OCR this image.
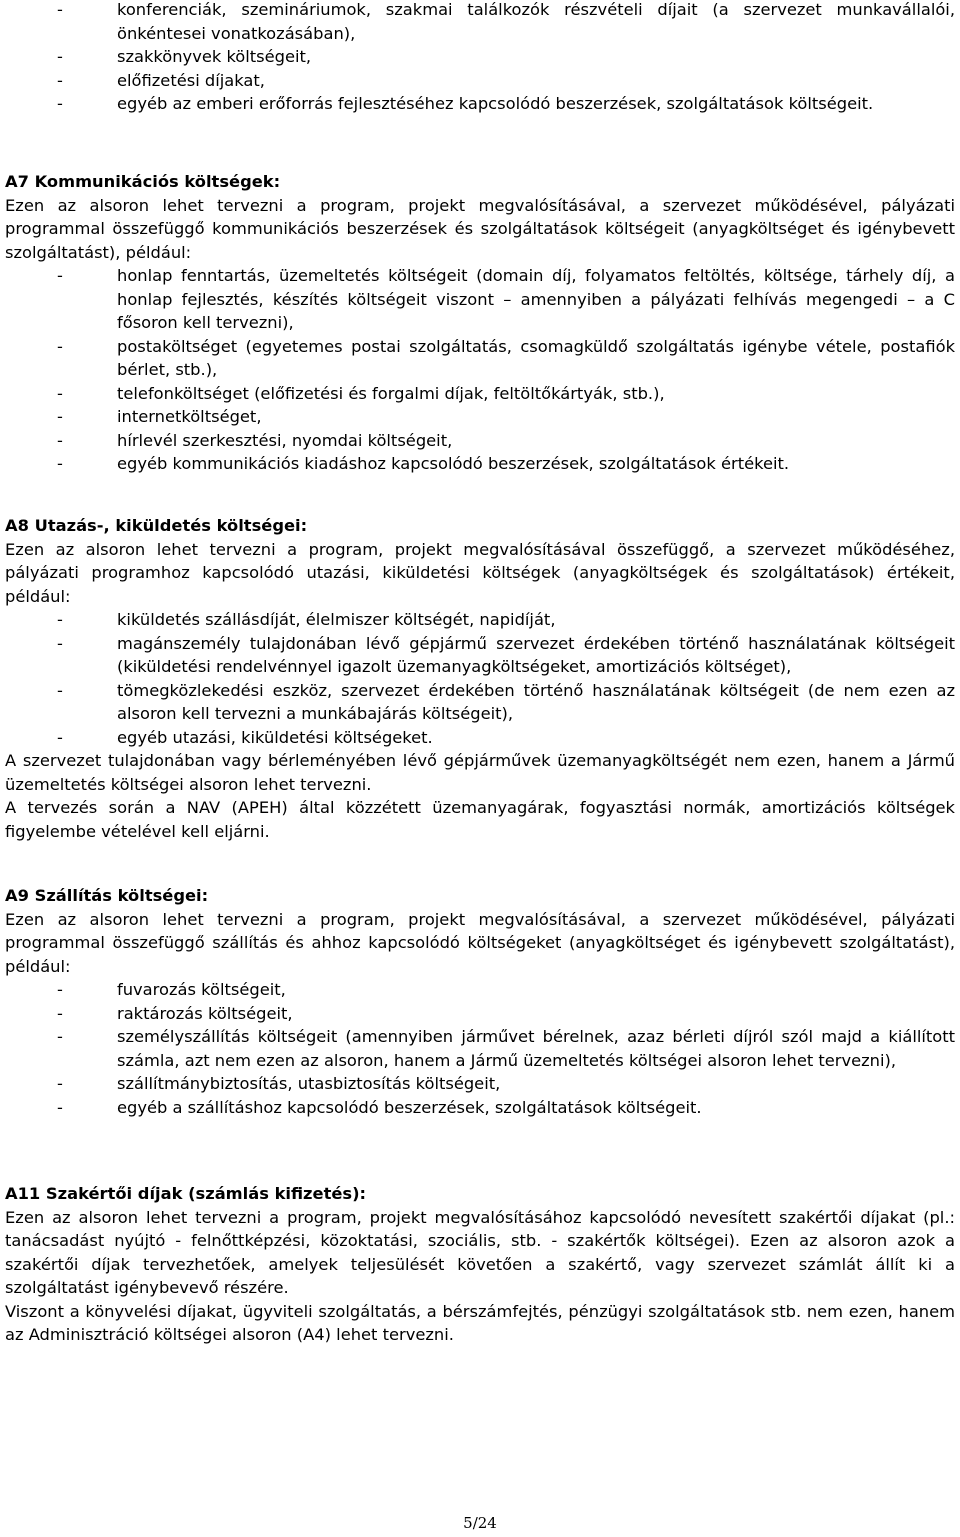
-	konferenciák, szemináriumok, szakmai találkozók részvételi díjait (a szervezet munkavállalói, önkéntesei vonatkozásában),
-	szakkönyvek költségeit,
-	előfizetési díjakat,
-	egyéb az emberi erőforrás fejlesztéséhez kapcsolódó beszerzések, szolgáltatások költségeit.

A7 Kommunikációs költségek:

Ezen az alsoron lehet tervezni a program, projekt megvalósításával, a szervezet működésével, pályázati programmal összefüggő kommunikációs beszerzések és szolgáltatások költségeit (anyagköltséget és igénybevett szolgáltatást), például:

-	honlap fenntartás, üzemeltetés költségeit (domain díj, folyamatos feltöltés, költsége, tárhely díj, a honlap fejlesztés, készítés költségeit viszont – amennyiben a pályázati felhívás megengedi – a C fősoron kell tervezni),
-	postaköltséget (egyetemes postai szolgáltatás, csomagküldő szolgáltatás igénybe vétele, postafiók bérlet, stb.),
-	telefonköltséget (előfizetési és forgalmi díjak, feltöltőkártyák, stb.),
-	internetköltséget,
-	hírlevél szerkesztési, nyomdai költségeit,
-	egyéb kommunikációs kiadáshoz kapcsolódó beszerzések, szolgáltatások értékeit.

A8 Utazás-, kiküldetés költségei:

Ezen az alsoron lehet tervezni a program, projekt megvalósításával összefüggő, a szervezet működéséhez, pályázati programhoz kapcsolódó utazási, kiküldetési költségek (anyagköltségek és szolgáltatások) értékeit, például:

-	kiküldetés szállásdíját, élelmiszer költségét, napidíját,
-	magánszemély tulajdonában lévő gépjármű szervezet érdekében történő használatának költségeit (kiküldetési rendelvénnyel igazolt üzemanyagköltségeket, amortizációs költséget),
-	tömegközlekedési eszköz, szervezet érdekében történő használatának költségeit (de nem ezen az alsoron kell tervezni a munkábajárás költségeit),
-	egyéb utazási, kiküldetési költségeket.

A szervezet tulajdonában vagy bérleményében lévő gépjárművek üzemanyagköltségét nem ezen, hanem a Jármű üzemeltetés költségei alsoron lehet tervezni.

A tervezés során a NAV (APEH) által közzétett üzemanyagárak, fogyasztási normák, amortizációs költségek figyelembe vételével kell eljárni.

A9 Szállítás költségei:

Ezen az alsoron lehet tervezni a program, projekt megvalósításával, a szervezet működésével, pályázati programmal összefüggő szállítás és ahhoz kapcsolódó költségeket (anyagköltséget és igénybevett szolgáltatást), például:

-	fuvarozás költségeit,
-	raktározás költségeit,
-	személyszállítás költségeit (amennyiben járművet bérelnek, azaz bérleti díjról szól majd a kiállított számla, azt nem ezen az alsoron, hanem a Jármű üzemeltetés költségei alsoron lehet tervezni),
-	szállítmánybiztosítás, utasbiztosítás költségeit,
-	egyéb a szállításhoz kapcsolódó beszerzések, szolgáltatások költségeit.

A11 Szakértői díjak (számlás kifizetés):

Ezen az alsoron lehet tervezni a program, projekt megvalósításához kapcsolódó nevesített szakértői díjakat (pl.: tanácsadást nyújtó - felnőttképzési, közoktatási, szociális, stb. - szakértők költségei). Ezen az alsoron azok a szakértői díjak tervezhetőek, amelyek teljesülését követően a szakértő, vagy szervezet számlát állít ki a szolgáltatást igénybevevő részére.

Viszont a könyvelési díjakat, ügyviteli szolgáltatás, a bérszámfejtés, pénzügyi szolgáltatások stb. nem ezen, hanem az Adminisztráció költségei alsoron (A4) lehet tervezni.

5/24
